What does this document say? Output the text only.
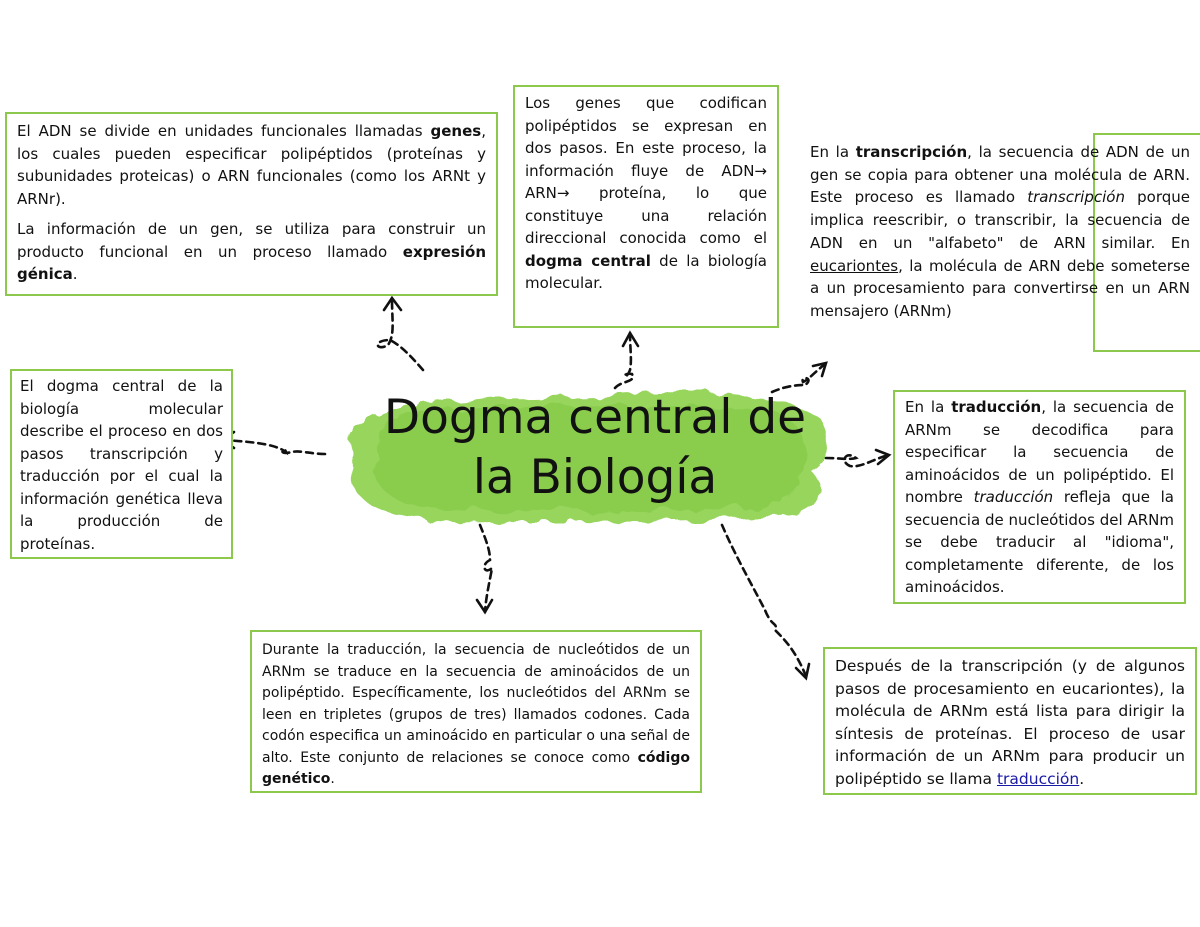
Dogma central de
la Biología

El ADN se divide en unidades funcionales llamadas genes, los cuales pueden especificar polipéptidos (proteínas y subunidades proteicas) o ARN funcionales (como los ARNt y ARNr).

La información de un gen, se utiliza para construir un producto funcional en un proceso llamado expresión génica.

Los genes que codifican polipéptidos se expresan en dos pasos. En este proceso, la información fluye de ADN→ ARN→ proteína, lo que constituye una relación direccional conocida como el dogma central de la biología molecular.

En la transcripción, la secuencia de ADN de un gen se copia para obtener una molécula de ARN. Este proceso es llamado transcripción porque implica reescribir, o transcribir, la secuencia de ADN en un "alfabeto" de ARN similar. En eucariontes, la molécula de ARN debe someterse a un procesamiento para convertirse en un ARN mensajero (ARNm)

El dogma central de la biología molecular describe el proceso en dos pasos transcripción y traducción por el cual la información genética lleva la producción de proteínas.

En la traducción, la secuencia de ARNm se decodifica para especificar la secuencia de aminoácidos de un polipéptido. El nombre traducción refleja que la secuencia de nucleótidos del ARNm se debe traducir al "idioma", completamente diferente, de los aminoácidos.

Durante la traducción, la secuencia de nucleótidos de un ARNm se traduce en la secuencia de aminoácidos de un polipéptido. Específicamente, los nucleótidos del ARNm se leen en tripletes (grupos de tres) llamados codones. Cada codón especifica un aminoácido en particular o una señal de alto. Este conjunto de relaciones se conoce como código genético.

Después de la transcripción (y de algunos pasos de procesamiento en eucariontes), la molécula de ARNm está lista para dirigir la síntesis de proteínas. El proceso de usar información de un ARNm para producir un polipéptido se llama traducción.
